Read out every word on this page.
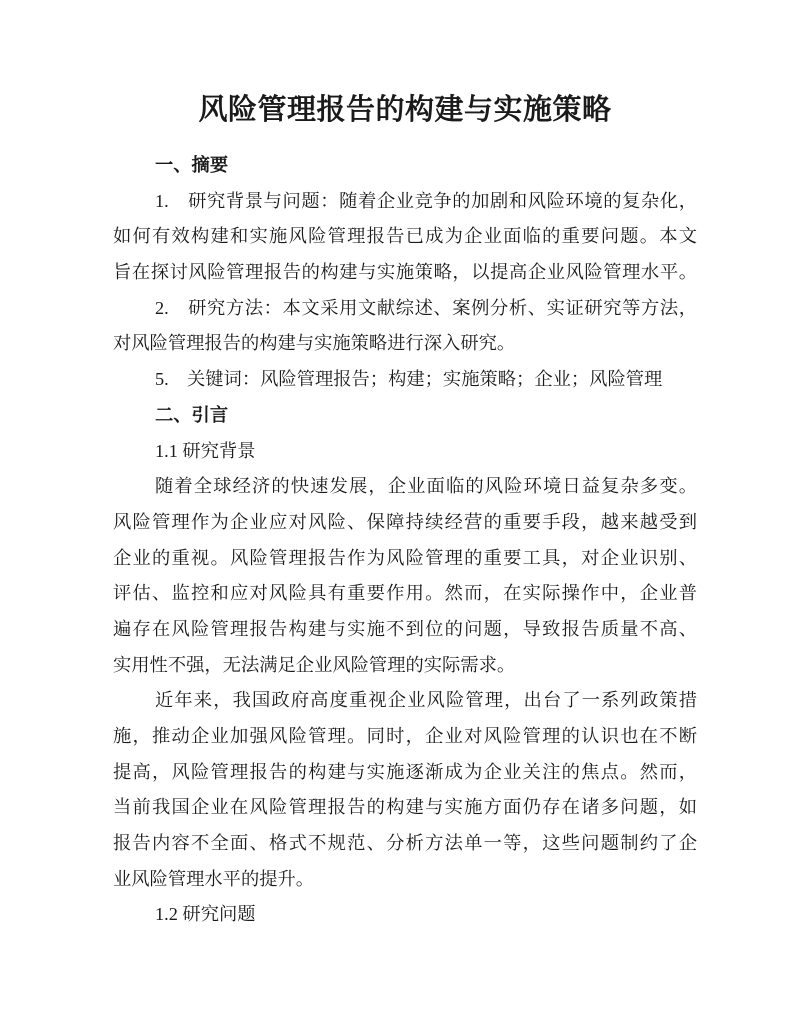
风险管理报告的构建与实施策略
一、摘要
1.　研究背景与问题：随着企业竞争的加剧和风险环境的复杂化，
如何有效构建和实施风险管理报告已成为企业面临的重要问题。本文
旨在探讨风险管理报告的构建与实施策略，以提高企业风险管理水平。
2.　研究方法：本文采用文献综述、案例分析、实证研究等方法，
对风险管理报告的构建与实施策略进行深入研究。
5.　关键词：风险管理报告；构建；实施策略；企业；风险管理
二、引言
1.1 研究背景
随着全球经济的快速发展，企业面临的风险环境日益复杂多变。
风险管理作为企业应对风险、保障持续经营的重要手段，越来越受到
企业的重视。风险管理报告作为风险管理的重要工具，对企业识别、
评估、监控和应对风险具有重要作用。然而，在实际操作中，企业普
遍存在风险管理报告构建与实施不到位的问题，导致报告质量不高、
实用性不强，无法满足企业风险管理的实际需求。
近年来，我国政府高度重视企业风险管理，出台了一系列政策措
施，推动企业加强风险管理。同时，企业对风险管理的认识也在不断
提高，风险管理报告的构建与实施逐渐成为企业关注的焦点。然而，
当前我国企业在风险管理报告的构建与实施方面仍存在诸多问题，如
报告内容不全面、格式不规范、分析方法单一等，这些问题制约了企
业风险管理水平的提升。
1.2 研究问题
